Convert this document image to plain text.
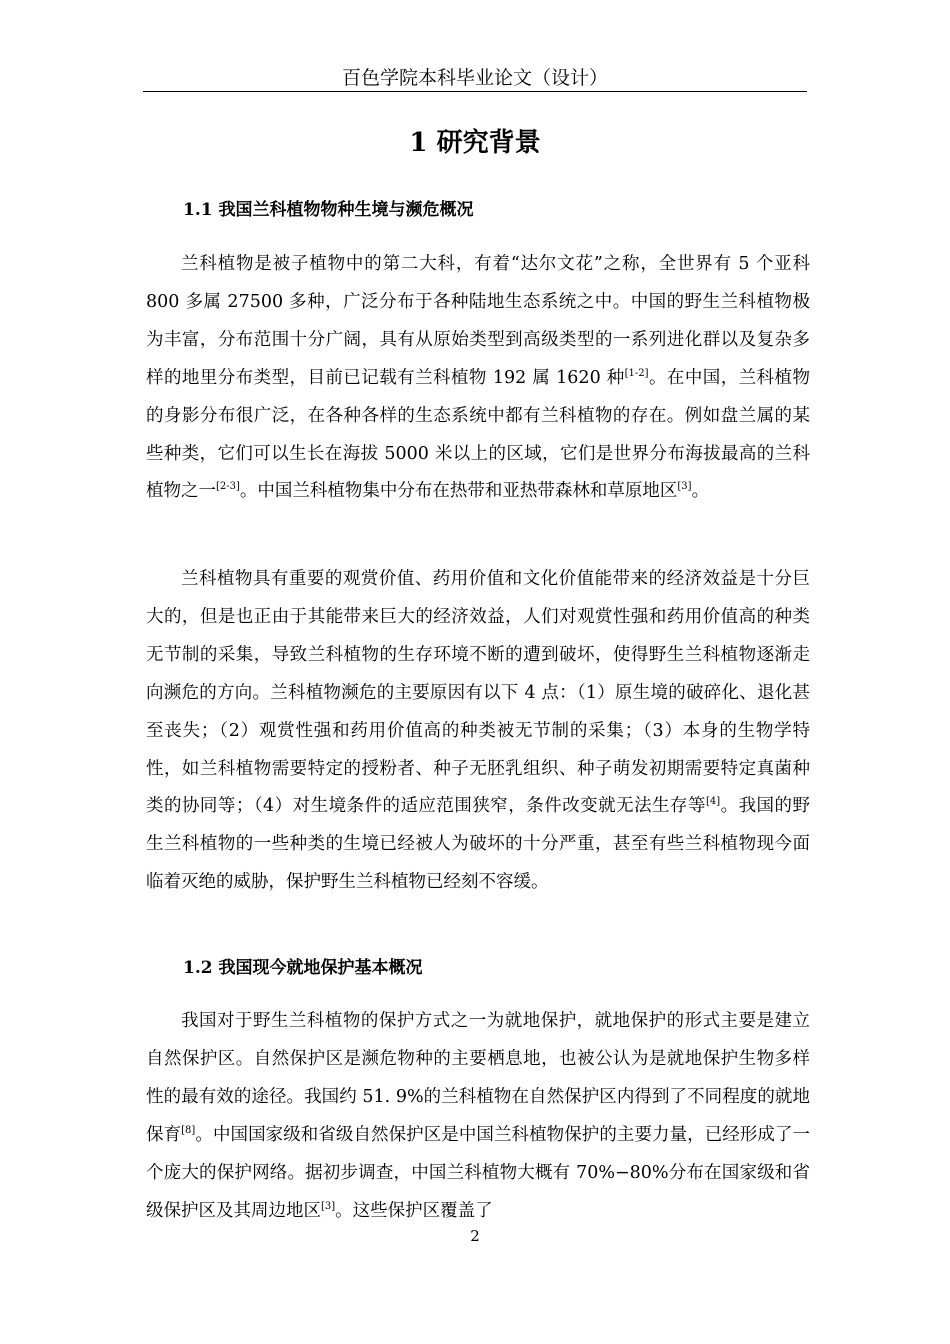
百色学院本科毕业论文（设计）
1 研究背景
1.1 我国兰科植物物种生境与濒危概况

兰科植物是被子植物中的第二大科，有着“达尔文花”之称，全世界有 5 个亚科 800 多属 27500 多种，广泛分布于各种陆地生态系统之中。中国的野生兰科植物极为丰富，分布范围十分广阔，具有从原始类型到高级类型的一系列进化群以及复杂多样的地里分布类型，目前已记载有兰科植物 192 属 1620 种[1-2]。在中国，兰科植物的身影分布很广泛，在各种各样的生态系统中都有兰科植物的存在。例如盘兰属的某些种类，它们可以生长在海拔 5000 米以上的区域，它们是世界分布海拔最高的兰科植物之一[2-3]。中国兰科植物集中分布在热带和亚热带森林和草原地区[3]。

兰科植物具有重要的观赏价值、药用价值和文化价值能带来的经济效益是十分巨大的，但是也正由于其能带来巨大的经济效益，人们对观赏性强和药用价值高的种类无节制的采集，导致兰科植物的生存环境不断的遭到破坏，使得野生兰科植物逐渐走向濒危的方向。兰科植物濒危的主要原因有以下 4 点：（1）原生境的破碎化、退化甚至丧失；（2）观赏性强和药用价值高的种类被无节制的采集；（3）本身的生物学特性，如兰科植物需要特定的授粉者、种子无胚乳组织、种子萌发初期需要特定真菌种类的协同等；（4）对生境条件的适应范围狭窄，条件改变就无法生存等[4]。我国的野生兰科植物的一些种类的生境已经被人为破坏的十分严重，甚至有些兰科植物现今面临着灭绝的威胁，保护野生兰科植物已经刻不容缓。

1.2 我国现今就地保护基本概况

我国对于野生兰科植物的保护方式之一为就地保护，就地保护的形式主要是建立自然保护区。自然保护区是濒危物种的主要栖息地，也被公认为是就地保护生物多样性的最有效的途径。我国约 51. 9%的兰科植物在自然保护区内得到了不同程度的就地保育[8]。中国国家级和省级自然保护区是中国兰科植物保护的主要力量，已经形成了一个庞大的保护网络。据初步调查，中国兰科植物大概有 70%−80%分布在国家级和省级保护区及其周边地区[3]。这些保护区覆盖了

2
